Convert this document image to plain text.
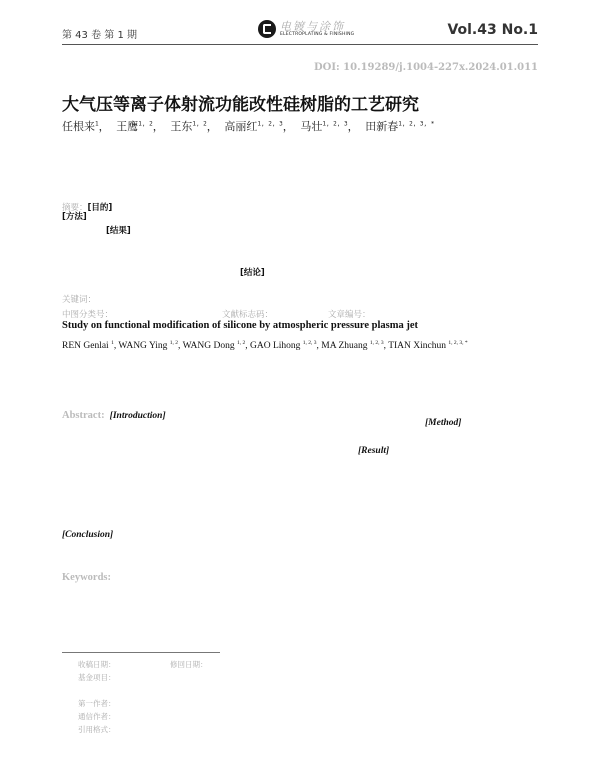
第 43 卷 第 1 期
电镀与涂饰
ELECTROPLATING & FINISHING	Vol.43 No.1
DOI: 10.19289/j.1004-227x.2024.01.011
大气压等离子体射流功能改性硅树脂的工艺研究
任根来$^1$， 王鹰$^{1, 2}$， 王东$^{1, 2}$， 高丽红$^{1, 2, 3}$， 马壮$^{1, 2, 3}$， 田新春$^{1, 2, 3, *}$
摘要：[目的]
[方法]
[结果]
[结论]
关键词：
中图分类号：	文献标志码：	文章编号：
Study on functional modification of silicone by atmospheric pressure plasma jet
REN Genlai $^1$, WANG Ying $^{1, 2}$, WANG Dong $^{1, 2}$, GAO Lihong $^{1, 2, 3}$, MA Zhuang $^{1, 2, 3}$, TIAN Xinchun $^{1, 2, 3, *}$
Abstract: [Introduction]
[Method]
[Result]
[Conclusion]
Keywords:
收稿日期：	修回日期：
基金项目：
第一作者：
通信作者：
引用格式：
